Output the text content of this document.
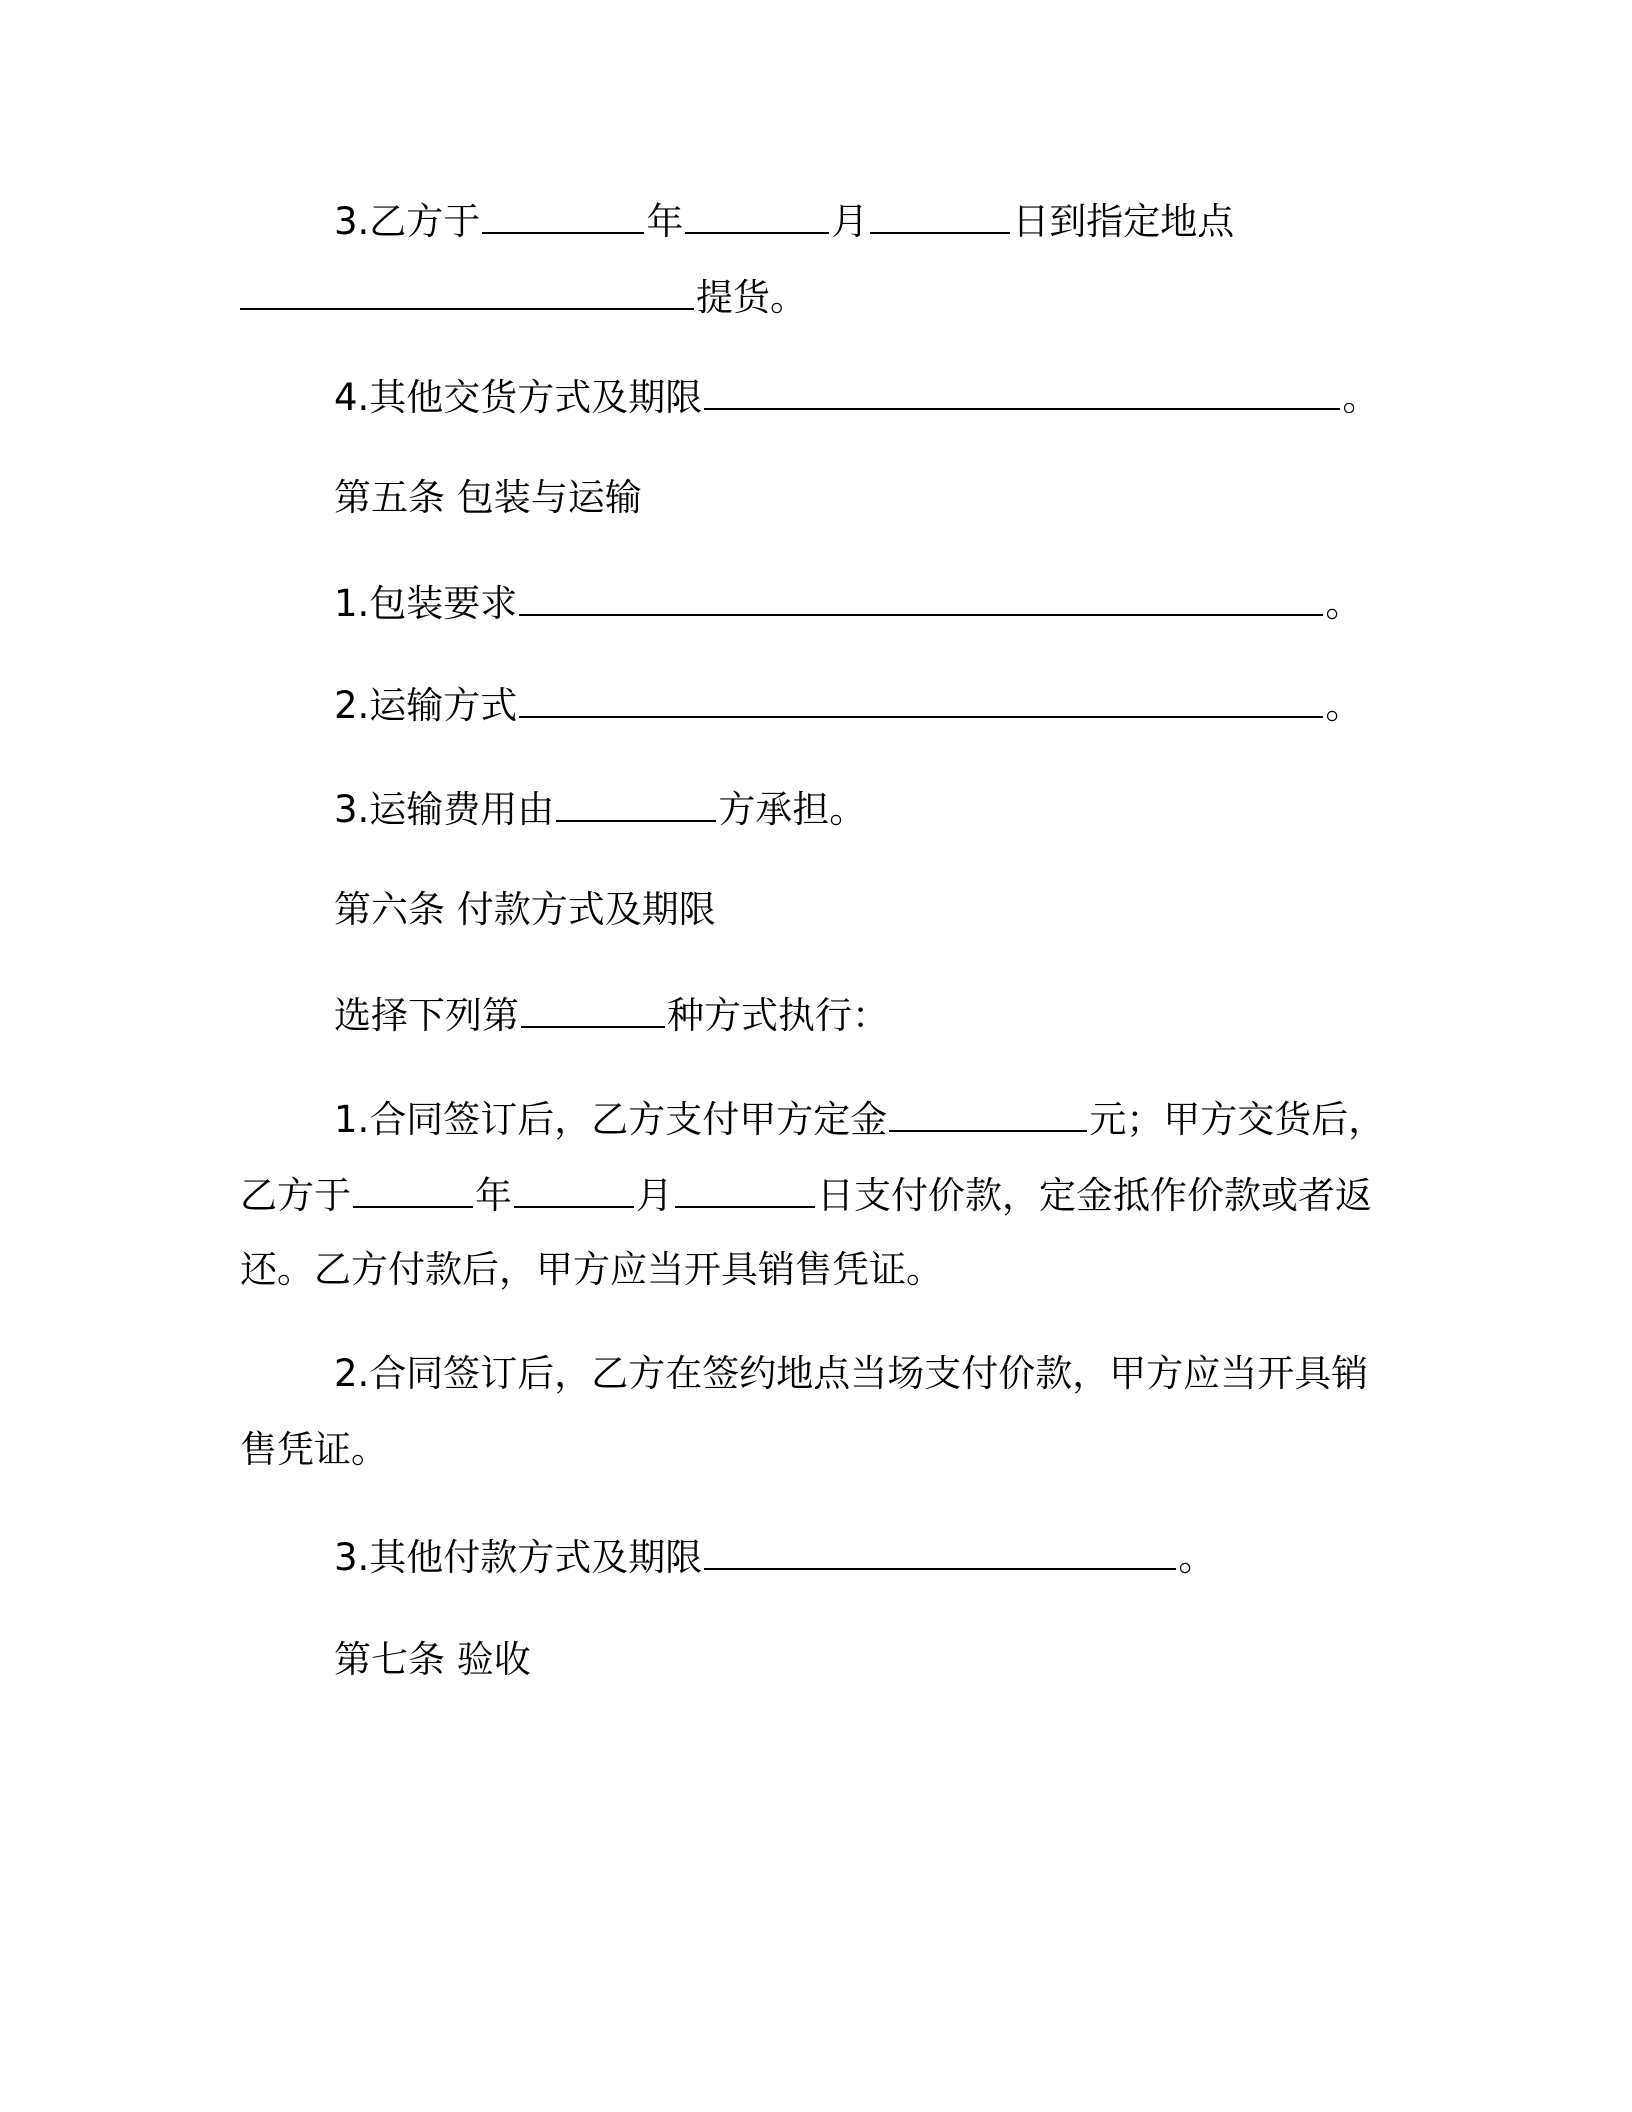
3.乙方于	年	月	日到指定地点
提货。
4.其他交货方式及期限	。
第五条 包装与运输
1.包装要求	。
2.运输方式	。
3.运输费用由	方承担。
第六条 付款方式及期限
选择下列第	种方式执行：
1.合同签订后，乙方支付甲方定金	元；甲方交货后，
乙方于	年	月	日支付价款，定金抵作价款或者返
还。乙方付款后，甲方应当开具销售凭证。
2.合同签订后，乙方在签约地点当场支付价款，甲方应当开具销
售凭证。
3.其他付款方式及期限	。
第七条 验收
